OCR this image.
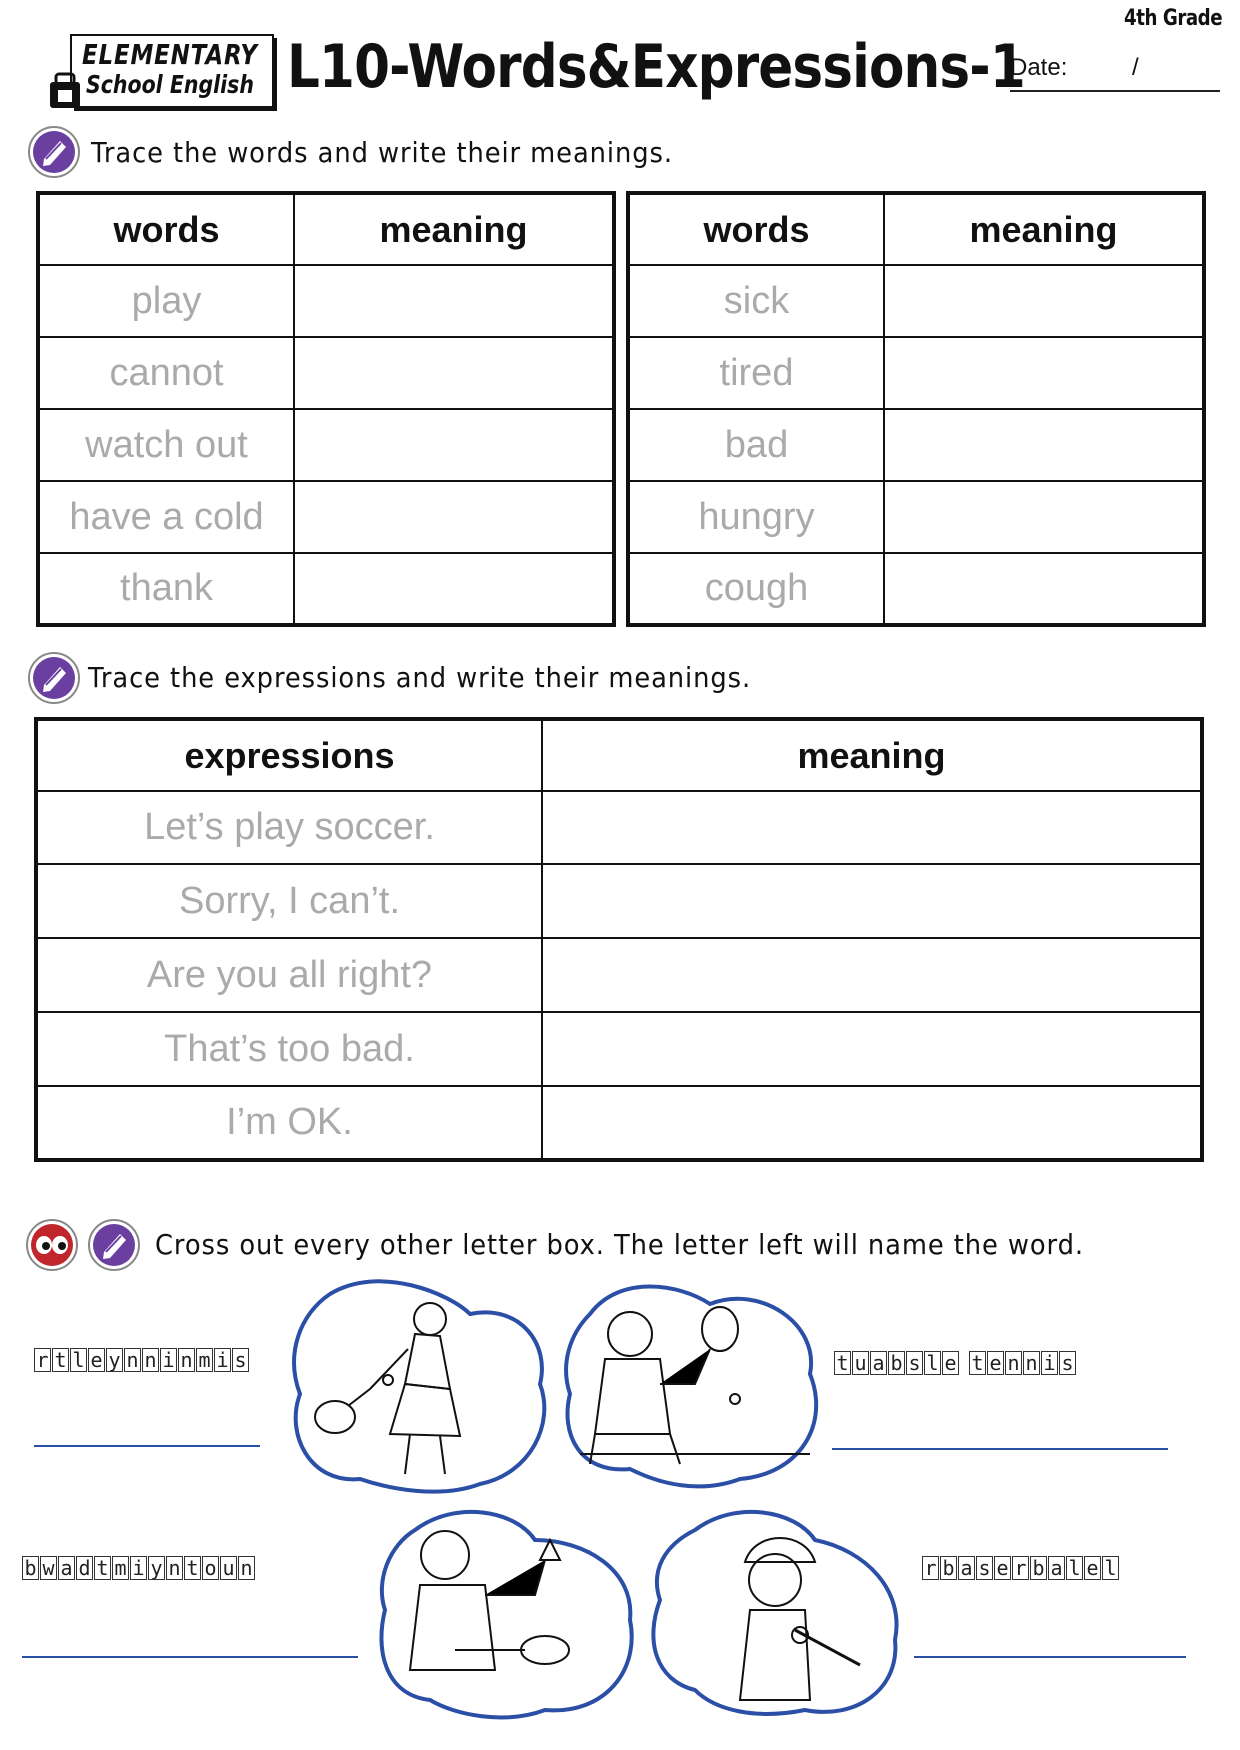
4th Grade
ELEMENTARY
School English L10-Words&Expressions-1
Date:	/
Trace the words and write their meanings.
words	meaning
play	
cannot	
watch out	
have a cold	
thank	
words	meaning
sick	
tired	
bad	
hungry	
cough	
Trace the expressions and write their meanings.
expressions	meaning
Let’s play soccer.	
Sorry, I can’t.	
Are you all right?	
That’s too bad.	
I’m OK.	
Cross out every other letter box. The letter left will name the word.
r t l e y n n i n m i s	t u a b s l e t e n n i s
b w a d t m i y n t o u n	r b a s e r b a l e l
